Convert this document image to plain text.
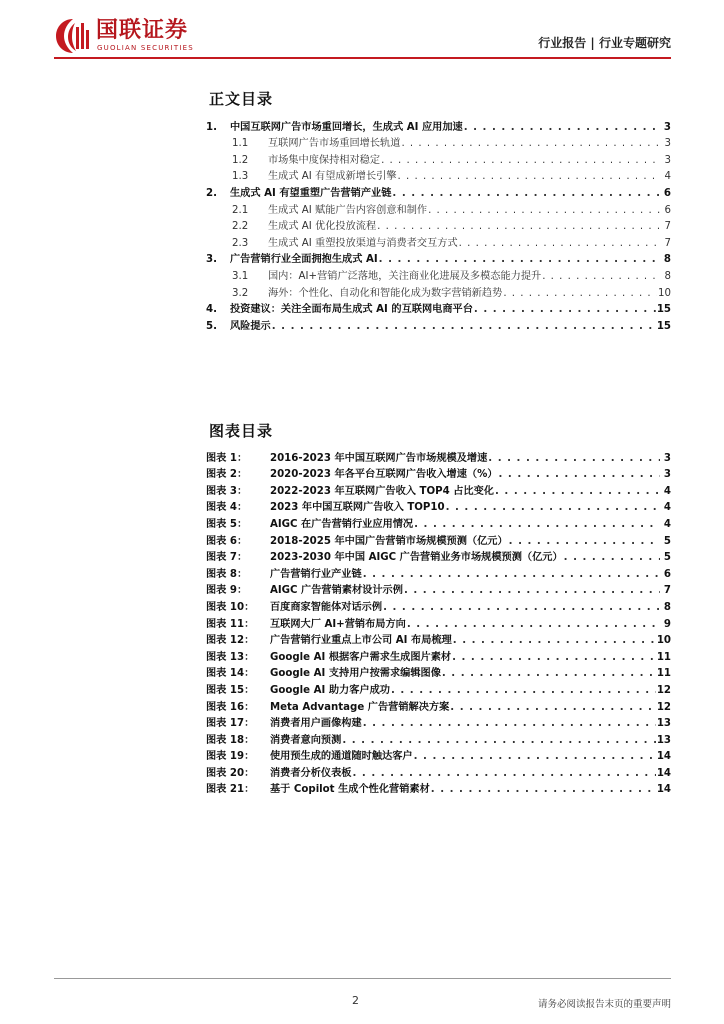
国联证券
GUOLIAN SECURITIES	行业报告 | 行业专题研究
正文目录
1.	中国互联网广告市场重回增长，生成式 AI 应用加速 . . .	3
1.1	互联网广告市场重回增长轨道 . . .	3
1.2	市场集中度保持相对稳定 . . .	3
1.3	生成式 AI 有望成新增长引擎 . . .	4
2.	生成式 AI 有望重塑广告营销产业链 . . .	6
2.1	生成式 AI 赋能广告内容创意和制作 . . .	6
2.2	生成式 AI 优化投放流程 . . .	7
2.3	生成式 AI 重塑投放渠道与消费者交互方式 . . .	7
3.	广告营销行业全面拥抱生成式 AI . . .	8
3.1	国内：AI+营销广泛落地，关注商业化进展及多模态能力提升 . . .	8
3.2	海外：个性化、自动化和智能化成为数字营销新趋势 . . .	10
4.	投资建议：关注全面布局生成式 AI 的互联网电商平台 . . .	15
5.	风险提示 . . .	15
图表目录
图表 1：	2016-2023 年中国互联网广告市场规模及增速 . . .	3
图表 2：	2020-2023 年各平台互联网广告收入增速（%） . . .	3
图表 3：	2022-2023 年互联网广告收入 TOP4 占比变化 . . .	4
图表 4：	2023 年中国互联网广告收入 TOP10 . . .	4
图表 5：	AIGC 在广告营销行业应用情况 . . .	4
图表 6：	2018-2025 年中国广告营销市场规模预测（亿元） . . .	5
图表 7：	2023-2030 年中国 AIGC 广告营销业务市场规模预测（亿元） . . .	5
图表 8：	广告营销行业产业链 . . .	6
图表 9：	AIGC 广告营销素材设计示例 . . .	7
图表 10：	百度商家智能体对话示例 . . .	8
图表 11：	互联网大厂 AI+营销布局方向 . . .	9
图表 12：	广告营销行业重点上市公司 AI 布局梳理 . . .	10
图表 13：	Google AI 根据客户需求生成图片素材 . . .	11
图表 14：	Google AI 支持用户按需求编辑图像 . . .	11
图表 15：	Google AI 助力客户成功 . . .	12
图表 16：	Meta Advantage 广告营销解决方案 . . .	12
图表 17：	消费者用户画像构建 . . .	13
图表 18：	消费者意向预测 . . .	13
图表 19：	使用预生成的通道随时触达客户 . . .	14
图表 20：	消费者分析仪表板 . . .	14
图表 21：	基于 Copilot 生成个性化营销素材 . . .	14
2	请务必阅读报告末页的重要声明
